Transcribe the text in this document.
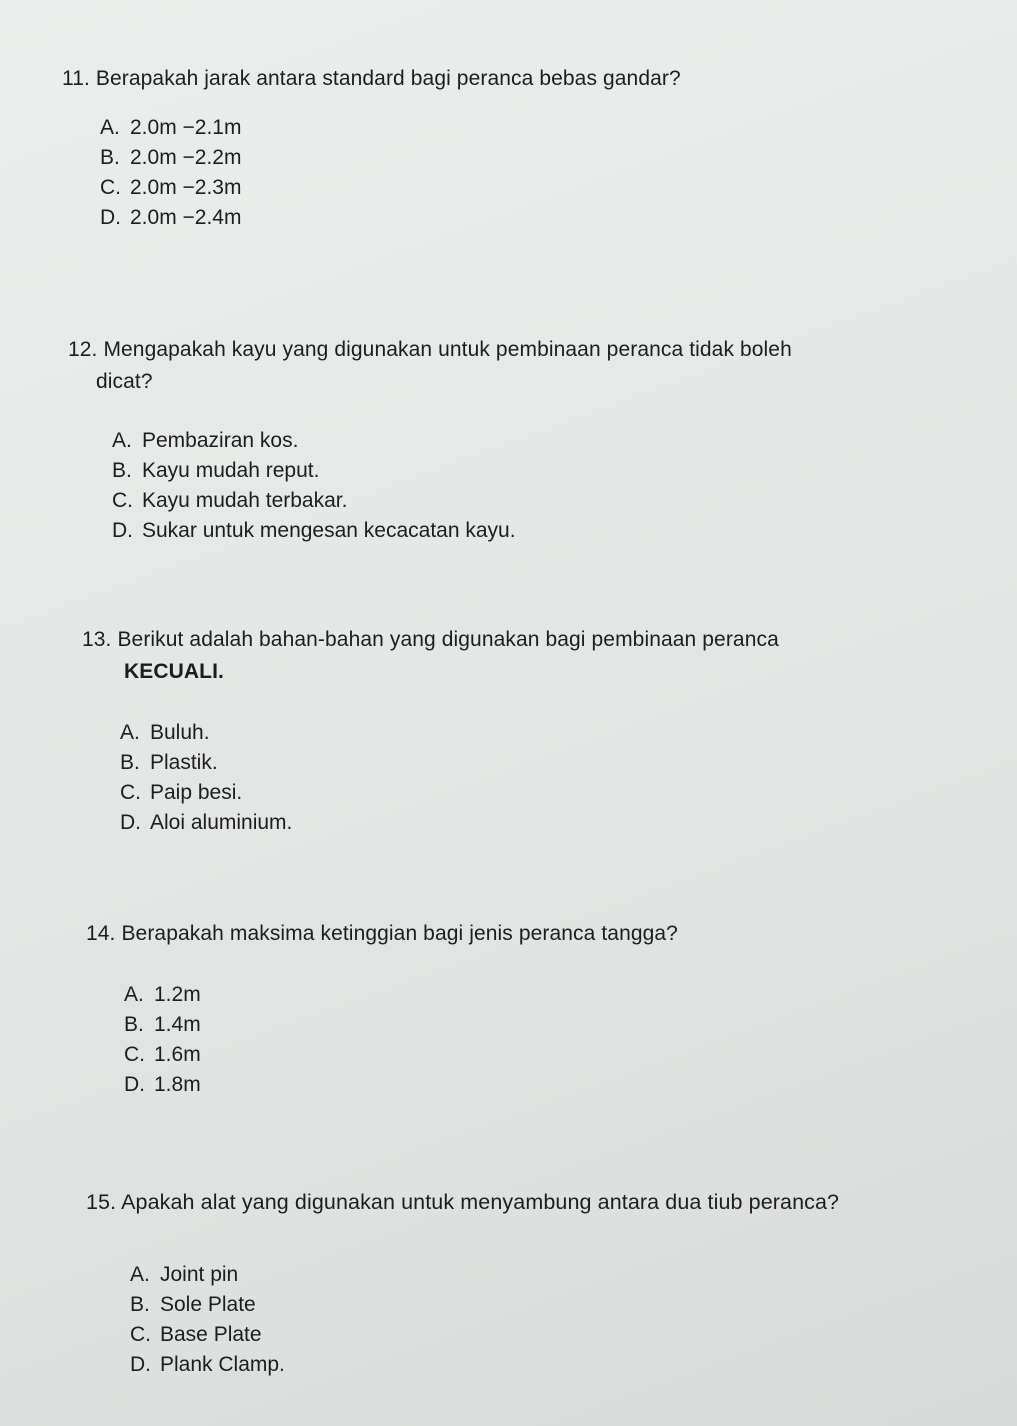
11. Berapakah jarak antara standard bagi peranca bebas gandar?

A. 2.0m −2.1m
B. 2.0m −2.2m
C. 2.0m −2.3m
D. 2.0m −2.4m

12. Mengapakah kayu yang digunakan untuk pembinaan peranca tidak boleh
dicat?

A. Pembaziran kos.
B. Kayu mudah reput.
C. Kayu mudah terbakar.
D. Sukar untuk mengesan kecacatan kayu.

13. Berikut adalah bahan-bahan yang digunakan bagi pembinaan peranca
KECUALI.

A. Buluh.
B. Plastik.
C. Paip besi.
D. Aloi aluminium.

14. Berapakah maksima ketinggian bagi jenis peranca tangga?

A. 1.2m
B. 1.4m
C. 1.6m
D. 1.8m

15. Apakah alat yang digunakan untuk menyambung antara dua tiub peranca?

A. Joint pin
B. Sole Plate
C. Base Plate
D. Plank Clamp.
